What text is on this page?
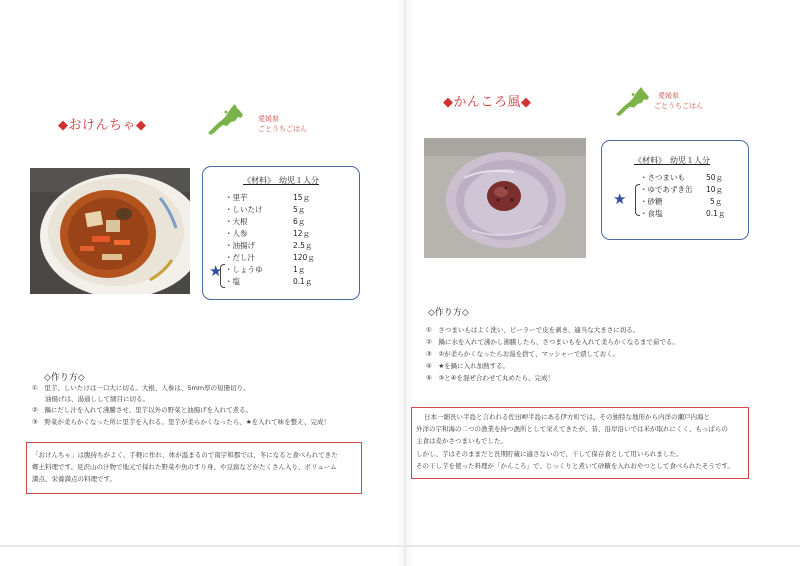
◆おけんちゃ◆	愛媛県
ごとうちごはん
《材料》　幼児１人分
・里芋	15ｇ
・しいたけ	5ｇ
・大根	6ｇ
・人参	12ｇ
・油揚げ	2.5ｇ
・だし汁	120ｇ
・しょうゆ	1ｇ
・塩	0.1ｇ
★
◇作り方◇
①　里芋、しいたけは一口大に切る。大根、人参は、5mm厚の短冊切り。
　　油揚げは、湯通しして細目に切る。
②　鍋にだし汁を入れて沸騰させ、里芋以外の野菜と油揚げを入れて煮る。
③　野菜が柔らかくなった所に里芋を入れる。里芋が柔らかくなったら、★を入れて味を整え、完成！
「おけんちゃ」は腹持ちがよく、手軽に作れ、体が温まるので南宇和郡では、冬になると食べられてきた
郷土料理です。見沢山の汁物で地元で採れた野菜や魚のすり身、や豆腐などがたくさん入り、ボリューム
満点、栄養満点の料理です。
◆かんころ風◆	愛媛県
ごとうちごはん
《材料》　幼児１人分
・さつまいも	50ｇ
・ゆであずき缶 10ｇ
・砂糖	5ｇ
・食塩	0.1ｇ
★
◇作り方◇
①　さつまいもはよく洗い、ピーラーで皮を剥き、適当な大きさに切る。
②　鍋に水を入れて沸かし沸騰したら、さつまいもを入れて柔らかくなるまで茹でる。
③　②が柔らかくなったらお湯を捨て、マッシャーで潰しておく。
④　★を鍋に入れ加熱する。
⑤　③と④を混ぜ合わせて丸めたら、完成！
日本一細長い半島と言われる佐田岬半島にある伊方町では、その独特な地形から内洋の瀬戸内海と
外洋の宇和海の二つの漁業を持つ漁所として栄えてきたが、昔、沿岸沿いでは米が取れにくく、もっぱらの
主食は麦かさつまいもでした。
しかし、芋はそのままだと長期貯蔵に適さないので、干して保存食として用いられました。
その干し芋を使った料理が「かんころ」で、じっくりと煮いて砂糖を入れおやつとして食べられたそうです。
